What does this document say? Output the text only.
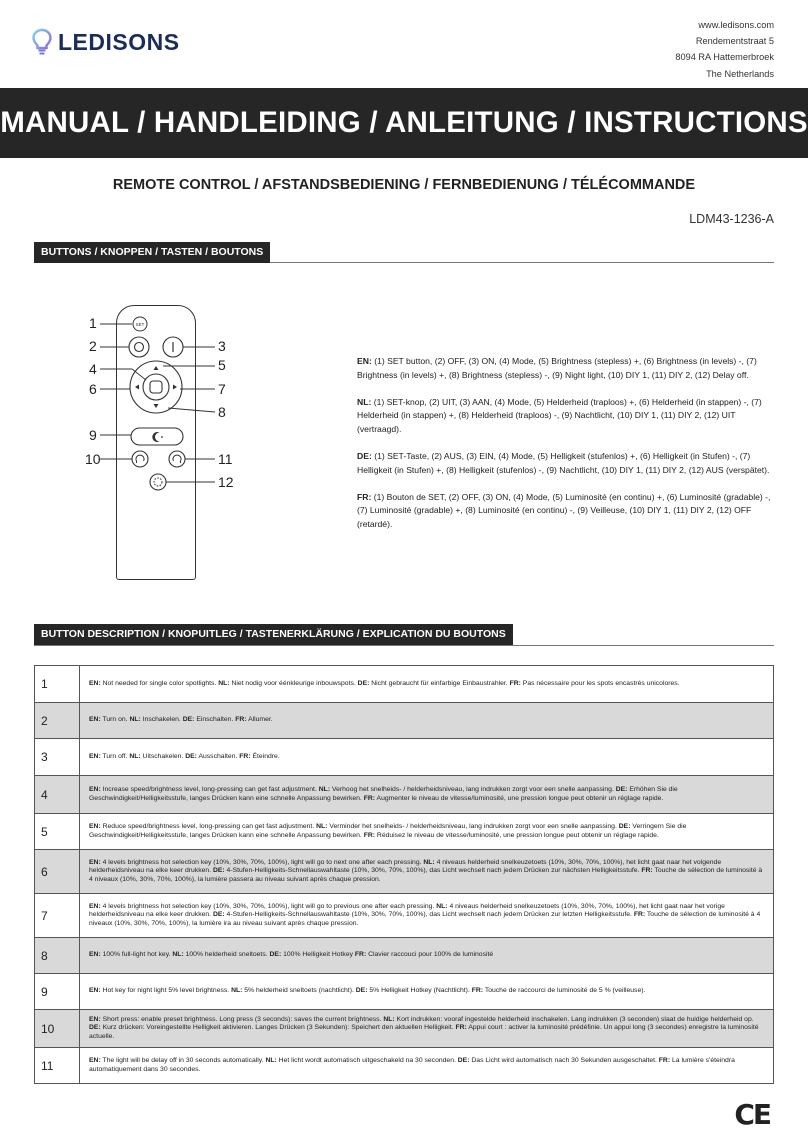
LEDISONS
www.ledisons.com
Rendementstraat 5
8094 RA Hattemerbroek
The Netherlands
MANUAL / HANDLEIDING / ANLEITUNG / INSTRUCTIONS
REMOTE CONTROL / AFSTANDSBEDIENING / FERNBEDIENUNG / TÉLÉCOMMANDE
LDM43-1236-A
BUTTONS / KNOPPEN / TASTEN / BOUTONS
SET
1
2	3
4	5
6	7
8
9
10	11
12

EN: (1) SET button, (2) OFF, (3) ON, (4) Mode, (5) Brightness (stepless) +, (6) Brightness (in levels) -, (7) Brightness (in levels) +, (8) Brightness (stepless) -, (9) Night light, (10) DIY 1, (11) DIY 2, (12) Delay off.

NL: (1) SET-knop, (2) UIT, (3) AAN, (4) Mode, (5) Helderheid (traploos) +, (6) Helderheid (in stappen) -, (7) Helderheid (in stappen) +, (8) Helderheid (traploos) -, (9) Nachtlicht, (10) DIY 1, (11) DIY 2, (12) UIT (vertraagd).

DE: (1) SET-Taste, (2) AUS, (3) EIN, (4) Mode, (5) Helligkeit (stufenlos) +, (6) Helligkeit (in Stufen) -, (7) Helligkeit (in Stufen) +, (8) Helligkeit (stufenlos) -, (9) Nachtlicht, (10) DIY 1, (11) DIY 2, (12) AUS (verspätet).

FR: (1) Bouton de SET, (2) OFF, (3) ON, (4) Mode, (5) Luminosité (en continu) +, (6) Luminosité (gradable) -, (7) Luminosité (gradable) +, (8) Luminosité (en continu) -, (9) Veilleuse, (10) DIY 1, (11) DIY 2, (12) OFF (retardé).

BUTTON DESCRIPTION / KNOPUITLEG / TASTENERKLÄRUNG / EXPLICATION DU BOUTONS
1	EN: Not needed for single color spotlights. NL: Niet nodig voor éénkleurige inbouwspots. DE: Nicht gebraucht für einfarbige Einbaustrahler. FR: Pas nécessaire pour les spots encastrés unicolores.
2	EN: Turn on. NL: Inschakelen. DE: Einschalten. FR: Allumer.
3	EN: Turn off. NL: Uitschakelen. DE: Ausschalten. FR: Éteindre.
4	EN: Increase speed/brightness level, long-pressing can get fast adjustment. NL: Verhoog het snelheids- / helderheidsniveau, lang indrukken zorgt voor een snelle aanpassing. DE: Erhöhen Sie die Geschwindigkeit/Helligkeitsstufe, langes Drücken kann eine schnelle Anpassung bewirken. FR: Augmenter le niveau de vitesse/luminosité, une pression longue peut obtenir un réglage rapide.
5	EN: Reduce speed/brightness level, long-pressing can get fast adjustment. NL: Verminder het snelheids- / helderheidsniveau, lang indrukken zorgt voor een snelle aanpassing. DE: Verringern Sie die Geschwindigkeit/Helligkeitsstufe, langes Drücken kann eine schnelle Anpassung bewirken. FR: Réduisez le niveau de vitesse/luminosité, une pression longue peut obtenir un réglage rapide.
6	EN: 4 levels brightness hot selection key (10%, 30%, 70%, 100%), light will go to next one after each pressing. NL: 4 niveaus helderheid snelkeuzetoets (10%, 30%, 70%, 100%), het licht gaat naar het volgende helderheidsniveau na elke keer drukken. DE: 4-Stufen-Helligkeits-Schnellauswahltaste (10%, 30%, 70%, 100%), das Licht wechselt nach jedem Drücken zur nächsten Helligkeitsstufe. FR: Touche de sélection de luminosité à 4 niveaux (10%, 30%, 70%, 100%), la lumière passera au niveau suivant après chaque pression.
7	EN: 4 levels brightness hot selection key (10%, 30%, 70%, 100%), light will go to previous one after each pressing. NL: 4 niveaus helderheid snelkeuzetoets (10%, 30%, 70%, 100%), het licht gaat naar het vorige helderheidsniveau na elke keer drukken. DE: 4-Stufen-Helligkeits-Schnellauswahltaste (10%, 30%, 70%, 100%), das Licht wechselt nach jedem Drücken zur letzten Helligkeitsstufe. FR: Touche de sélection de luminosité à 4 niveaux (10%, 30%, 70%, 100%), la lumière ira au niveau suivant après chaque pression.
8	EN: 100% full-light hot key. NL: 100% helderheid sneltoets. DE: 100% Helligkeit Hotkey FR: Clavier raccouci pour 100% de luminosité
9	EN: Hot key for night light 5% level brightness. NL: 5% helderheid sneltoets (nachtlicht). DE: 5% Helligkeit Hotkey (Nachtlicht). FR: Touche de raccourci de luminosité de 5 % (veilleuse).
10	EN: Short press: enable preset brightness. Long press (3 seconds): saves the current brightness. NL: Kort indrukken: vooraf ingestelde helderheid inschakelen. Lang indrukken (3 seconden) slaat de huidige helderheid op. DE: Kurz drücken: Voreingestellte Helligkeit aktivieren. Langes Drücken (3 Sekunden): Speichert den aktuellen Helligkeit. FR: Appui court : activer la luminosité prédéfinie. Un appui long (3 secondes) enregistre la luminosité actuelle.
11	EN: The light will be delay off in 30 seconds automatically. NL: Het licht wordt automatisch uitgeschakeld na 30 seconden. DE: Das Licht wird automatisch nach 30 Sekunden ausgeschaltet. FR: La lumière s'éteindra automatiquement dans 30 secondes.
CE
